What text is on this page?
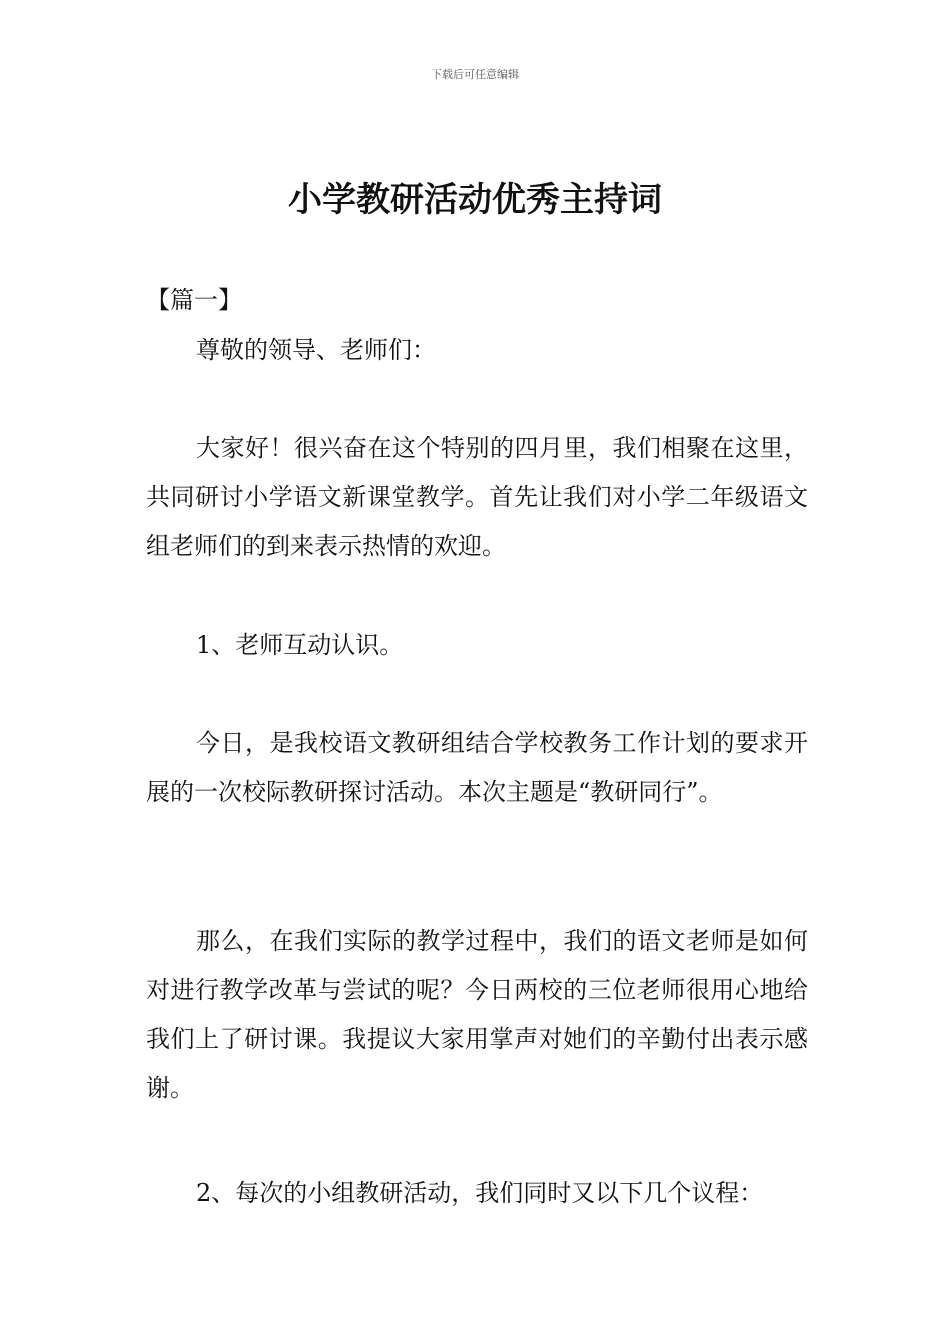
下载后可任意编辑
小学教研活动优秀主持词
【篇一】

尊敬的领导、老师们：

大家好！很兴奋在这个特别的四月里，我们相聚在这里，共同研讨小学语文新课堂教学。首先让我们对小学二年级语文组老师们的到来表示热情的欢迎。

1、老师互动认识。

今日，是我校语文教研组结合学校教务工作计划的要求开展的一次校际教研探讨活动。本次主题是“教研同行”。

那么，在我们实际的教学过程中，我们的语文老师是如何对进行教学改革与尝试的呢？今日两校的三位老师很用心地给我们上了研讨课。我提议大家用掌声对她们的辛勤付出表示感谢。

2、每次的小组教研活动，我们同时又以下几个议程：
